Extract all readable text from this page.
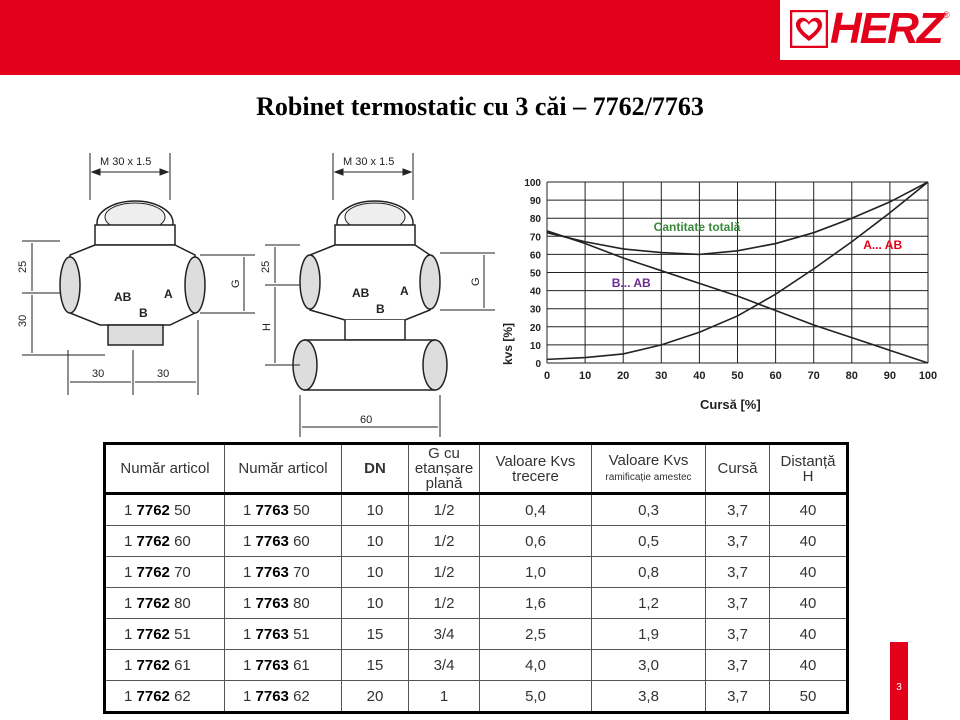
HERZ ®
Robinet termostatic cu 3 căi – 7762/7763
M 30 x 1.5
AB	A
B
25
30
30	30
G
M 30 x 1.5
AB	A
B
25
H
60
G
0	10 20 30 40 50 60 70 80 90 100
0
10
20
30
40
50
60
70
80
90
100
Cantitate totală
A... AB
B... AB
Cursă [%]
kvs [%]
Număr articol	Număr articol	DN	G cu
etanșare
plană	Valoare Kvs
trecere	Valoare Kvs
ramificație amestec	Cursă	Distanță
H
1 7762 50	1 7763 50	10	1/2	0,4	0,3	3,7	40
1 7762 60	1 7763 60	10	1/2	0,6	0,5	3,7	40
1 7762 70	1 7763 70	10	1/2	1,0	0,8	3,7	40
1 7762 80	1 7763 80	10	1/2	1,6	1,2	3,7	40
1 7762 51	1 7763 51	15	3/4	2,5	1,9	3,7	40
1 7762 61	1 7763 61	15	3/4	4,0	3,0	3,7	40
1 7762 62	1 7763 62	20	1	5,0	3,8	3,7	50	3
